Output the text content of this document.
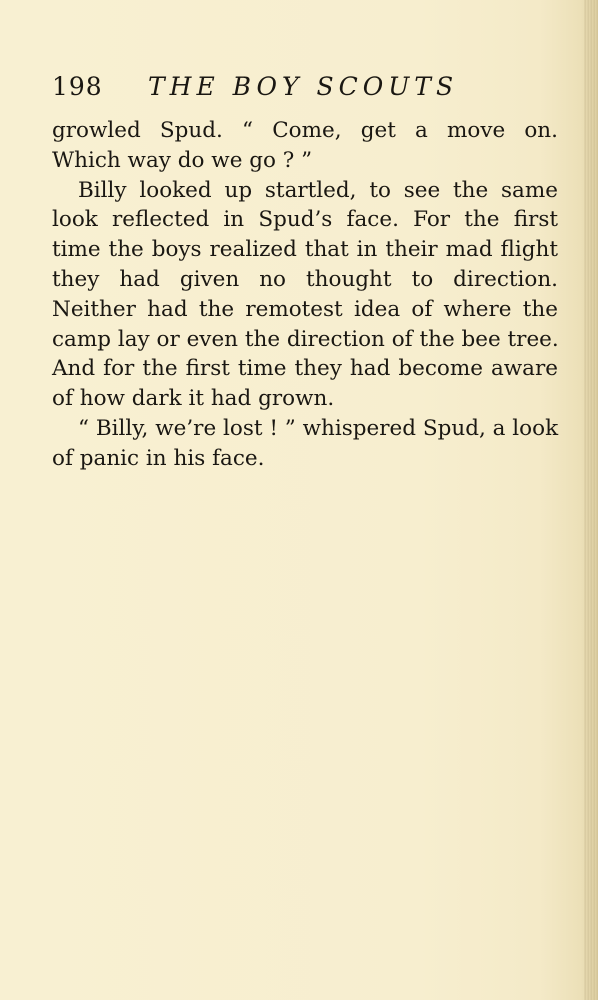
198 THE BOY SCOUTS
growled Spud. “ Come, get a move on.
Which way do we go ? ”
Billy looked up startled, to see the same
look reflected in Spud’s face. For the first
time the boys realized that in their mad flight
they had given no thought to direction.
Neither had the remotest idea of where the
camp lay or even the direction of the bee tree.
And for the first time they had become aware
of how dark it had grown.
“ Billy, we’re lost ! ” whispered Spud, a look
of panic in his face.
